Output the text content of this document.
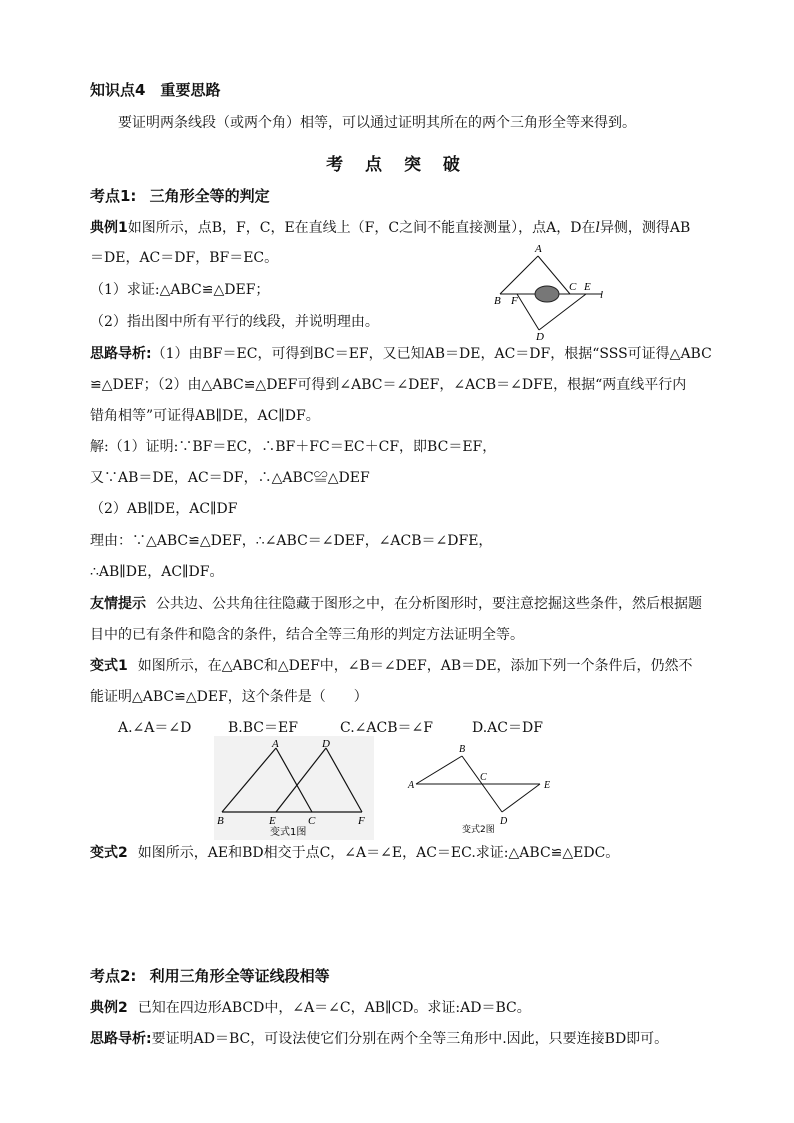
知识点4　重要思路
要证明两条线段（或两个角）相等，可以通过证明其所在的两个三角形全等来得到。
考 点 突 破
考点1: 三角形全等的判定
典例1如图所示，点B，F，C，E在直线上（F，C之间不能直接测量），点A，D在l异侧，测得AB
＝DE，AC＝DF，BF＝EC。
（1）求证:△ABC≌△DEF；
（2）指出图中所有平行的线段，并说明理由。
A
B F
C E
l
D
思路导析:（1）由BF＝EC，可得到BC＝EF，又已知AB＝DE，AC＝DF，根据“SSS可证得△ABC
≌△DEF；（2）由△ABC≌△DEF可得到∠ABC＝∠DEF，∠ACB＝∠DFE，根据“两直线平行内
错角相等”可证得AB∥DE，AC∥DF。
解:（1）证明:∵BF＝EC，∴BF＋FC＝EC＋CF，即BC＝EF，
又∵AB＝DE，AC＝DF，∴△ABC≌△DEF
（2）AB∥DE，AC∥DF
理由：∵△ABC≌△DEF，∴∠ABC＝∠DEF，∠ACB＝∠DFE，
∴AB∥DE，AC∥DF。
友情提示 公共边、公共角往往隐藏于图形之中，在分析图形时，要注意挖掘这些条件，然后根据题
目中的已有条件和隐含的条件，结合全等三角形的判定方法证明全等。
变式1 如图所示，在△ABC和△DEF中，∠B＝∠DEF，AB＝DE，添加下列一个条件后，仍然不
能证明△ABC≌△DEF，这个条件是（　　）
A.∠A＝∠D	B.BC＝EF	C.∠ACB＝∠F	D.AC＝DF
A	D
B	E	C	F
变式1图
A
B
C
E
D
变式2图
变式2 如图所示，AE和BD相交于点C，∠A＝∠E，AC＝EC.求证:△ABC≌△EDC。
考点2: 利用三角形全等证线段相等
典例2 已知在四边形ABCD中，∠A＝∠C，AB∥CD。求证:AD＝BC。
思路导析:要证明AD＝BC，可设法使它们分别在两个全等三角形中.因此，只要连接BD即可。
